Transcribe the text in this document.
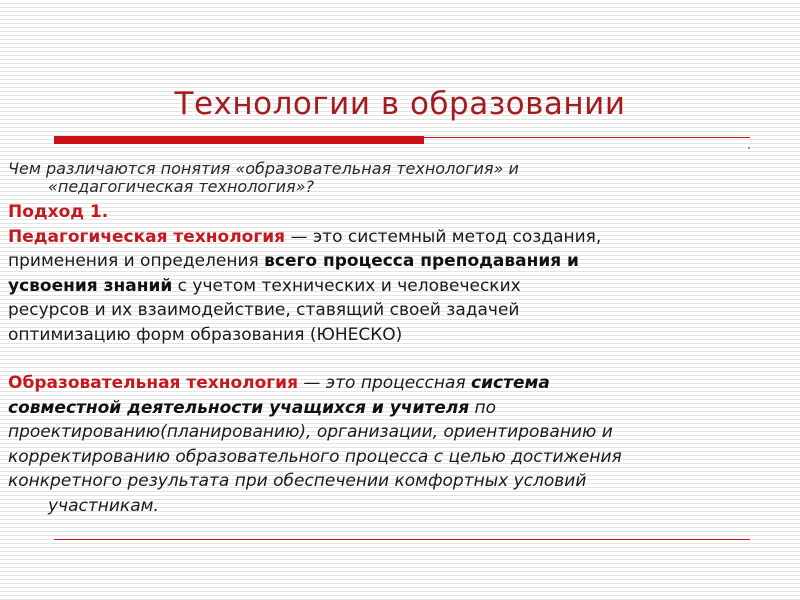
Технологии в образовании

Чем различаются понятия «образовательная технология» и

«педагогическая технология»?

Подход 1.

Педагогическая технология — это системный метод создания,

применения и определения всего процесса преподавания и

усвоения знаний с учетом технических и человеческих

ресурсов и их взаимодействие, ставящий своей задачей

оптимизацию форм образования (ЮНЕСКО)

Образовательная технология — это процессная система

совместной деятельности учащихся и учителя по

проектированию(планированию), организации, ориентированию и

корректированию образовательного процесса с целью достижения

конкретного результата при обеспечении комфортных условий

участникам.
